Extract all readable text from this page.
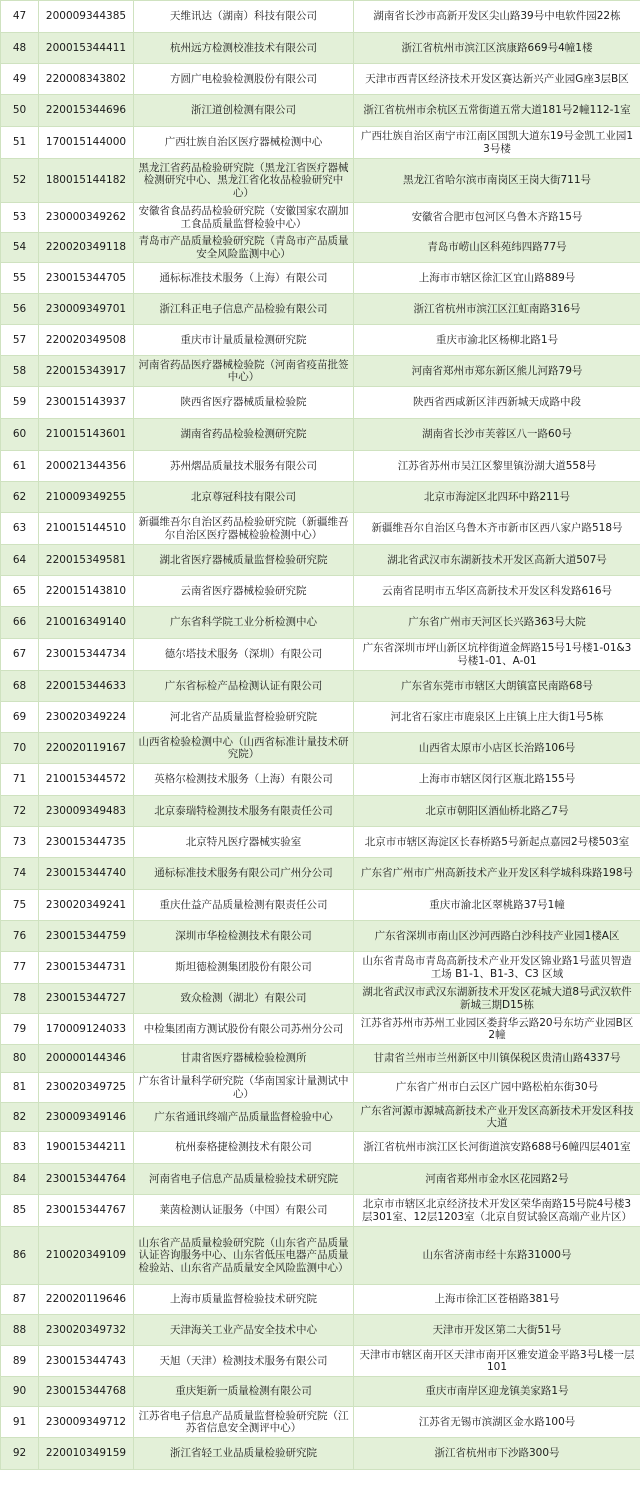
47	200009344385	天维讯达（湖南）科技有限公司	湖南省长沙市高新开发区尖山路39号中电软件园22栋
48	200015344411	杭州远方检测校准技术有限公司	浙江省杭州市滨江区滨康路669号4幢1楼
49	220008343802	方圆广电检验检测股份有限公司	天津市西青区经济技术开发区赛达新兴产业园G座3层B区
50	220015344696	浙江道创检测有限公司	浙江省杭州市余杭区五常街道五常大道181号2幢112-1室
51	170015144000	广西壮族自治区医疗器械检测中心	广西壮族自治区南宁市江南区国凯大道东19号金凯工业园13号楼
52	180015144182	黑龙江省药品检验研究院（黑龙江省医疗器械检测研究中心、黑龙江省化妆品检验研究中心）	黑龙江省哈尔滨市南岗区王岗大街711号
53	230000349262	安徽省食品药品检验研究院（安徽国家农副加工食品质量监督检验中心）	安徽省合肥市包河区乌鲁木齐路15号
54	220020349118	青岛市产品质量检验研究院（青岛市产品质量安全风险监测中心）	青岛市崂山区科苑纬四路77号
55	230015344705	通标标准技术服务（上海）有限公司	上海市市辖区徐汇区宜山路889号
56	230009349701	浙江科正电子信息产品检验有限公司	浙江省杭州市滨江区江虹南路316号
57	220020349508	重庆市计量质量检测研究院	重庆市渝北区杨柳北路1号
58	220015343917	河南省药品医疗器械检验院（河南省疫苗批签中心）	河南省郑州市郑东新区熊儿河路79号
59	230015143937	陕西省医疗器械质量检验院	陕西省西咸新区沣西新城天成路中段
60	210015143601	湖南省药品检验检测研究院	湖南省长沙市芙蓉区八一路60号
61	200021344356	苏州熠品质量技术服务有限公司	江苏省苏州市吴江区黎里镇汾湖大道558号
62	210009349255	北京尊冠科技有限公司	北京市海淀区北四环中路211号
63	210015144510	新疆维吾尔自治区药品检验研究院（新疆维吾尔自治区医疗器械检验检测中心）	新疆维吾尔自治区乌鲁木齐市新市区西八家户路518号
64	220015349581	湖北省医疗器械质量监督检验研究院	湖北省武汉市东湖新技术开发区高新大道507号
65	220015143810	云南省医疗器械检验研究院	云南省昆明市五华区高新技术开发区科发路616号
66	210016349140	广东省科学院工业分析检测中心	广东省广州市天河区长兴路363号大院
67	230015344734	德尔塔技术服务（深圳）有限公司	广东省深圳市坪山新区坑梓街道金辉路15号1号楼1-01&3号楼1-01、A-01
68	220015344633	广东省标检产品检测认证有限公司	广东省东莞市市辖区大朗镇富民南路68号
69	230020349224	河北省产品质量监督检验研究院	河北省石家庄市鹿泉区上庄镇上庄大街1号5栋
70	220020119167	山西省检验检测中心（山西省标准计量技术研究院）	山西省太原市小店区长治路106号
71	210015344572	英格尔检测技术服务（上海）有限公司	上海市市辖区闵行区瓶北路155号
72	230009349483	北京泰瑞特检测技术服务有限责任公司	北京市朝阳区酒仙桥北路乙7号
73	230015344735	北京特凡医疗器械实验室	北京市市辖区海淀区长春桥路5号新起点嘉园2号楼503室
74	230015344740	通标标准技术服务有限公司广州分公司	广东省广州市广州高新技术产业开发区科学城科珠路198号
75	230020349241	重庆仕益产品质量检测有限责任公司	重庆市渝北区翠桃路37号1幢
76	230015344759	深圳市华检检测技术有限公司	广东省深圳市南山区沙河西路白沙科技产业园1楼A区
77	230015344731	斯坦德检测集团股份有限公司	山东省青岛市青岛高新技术产业开发区锦业路1号蓝贝智造工场 B1-1、B1-3、C3 区域
78	230015344727	致众检测（湖北）有限公司	湖北省武汉市武汉东湖新技术开发区花城大道8号武汉软件新城三期D15栋
79	170009124033	中检集团南方测试股份有限公司苏州分公司	江苏省苏州市苏州工业园区娄葑华云路20号东坊产业园B区2幢
80	200000144346	甘肃省医疗器械检验检测所	甘肃省兰州市兰州新区中川镇保税区贵清山路4337号
81	230020349725	广东省计量科学研究院（华南国家计量测试中心）	广东省广州市白云区广园中路松柏东街30号
82	230009349146	广东省通讯终端产品质量监督检验中心	广东省河源市源城高新技术产业开发区高新技术开发区科技大道
83	190015344211	杭州泰格捷检测技术有限公司	浙江省杭州市滨江区长河街道滨安路688号6幢四层401室
84	230015344764	河南省电子信息产品质量检验技术研究院	河南省郑州市金水区花园路2号
85	230015344767	莱茵检测认证服务（中国）有限公司	北京市市辖区北京经济技术开发区荣华南路15号院4号楼3层301室、12层1203室（北京自贸试验区高端产业片区）
86	210020349109	山东省产品质量检验研究院（山东省产品质量认证咨询服务中心、山东省低压电器产品质量检验站、山东省产品质量安全风险监测中心）	山东省济南市经十东路31000号
87	220020119646	上海市质量监督检验技术研究院	上海市徐汇区苍梧路381号
88	230020349732	天津海关工业产品安全技术中心	天津市开发区第二大街51号
89	230015344743	天旭（天津）检测技术服务有限公司	天津市市辖区南开区天津市南开区雅安道金平路3号L楼一层101
90	230015344768	重庆矩新一质量检测有限公司	重庆市南岸区迎龙镇美家路1号
91	230009349712	江苏省电子信息产品质量监督检验研究院（江苏省信息安全测评中心）	江苏省无锡市滨湖区金水路100号
92	220010349159	浙江省轻工业品质量检验研究院	浙江省杭州市下沙路300号
